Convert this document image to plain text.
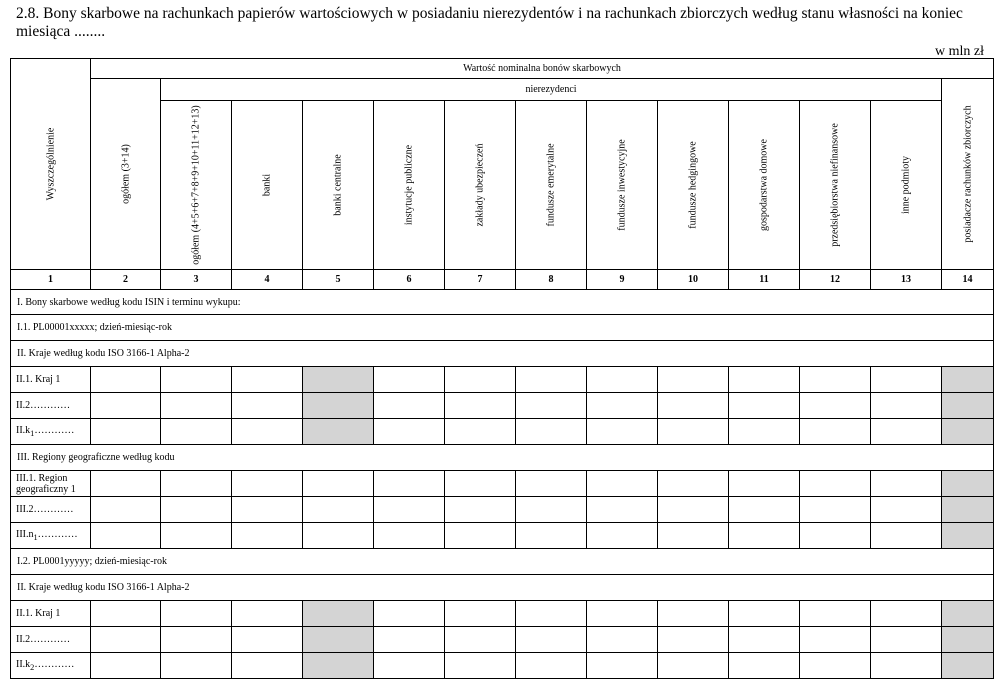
2.8. Bony skarbowe na rachunkach papierów wartościowych w posiadaniu nierezydentów i na rachunkach zbiorczych według stanu własności na koniec miesiąca ........
w mln zł
Wyszczególnienie	Wartość nominalna bonów skarbowych												

	ogółem (3+14)	nierezydenci											posiadacze rachunków zbiorczych

		ogółem (4+5+6+7+8+9+10+11+12+13)	banki	banki centralne	instytucje publiczne	zakłady ubezpieczeń	fundusze emerytalne	fundusze inwestycyjne	fundusze hedgingowe	gospodarstwa domowe	przedsiębiorstwa niefinansowe	inne podmioty	

1	2	3	4	5	6	7	8	9	10	11	12	13	14
I. Bony skarbowe według kodu ISIN i terminu wykupu:													
I.1. PL00001xxxxx; dzień-miesiąc-rok													
II. Kraje według kodu ISO 3166-1 Alpha-2													
II.1. Kraj 1													
II.2…………													
$II.k_1\dots\dots\dots\dots$													
III. Regiony geograficzne według kodu													
III.1. Region geograficzny 1													
III.2…………													
$III.n_1\dots\dots\dots\dots$													
I.2. PL0001yyyyy; dzień-miesiąc-rok													
II. Kraje według kodu ISO 3166-1 Alpha-2													
II.1. Kraj 1													
II.2…………													
$II.k_2\dots\dots\dots\dots$													
